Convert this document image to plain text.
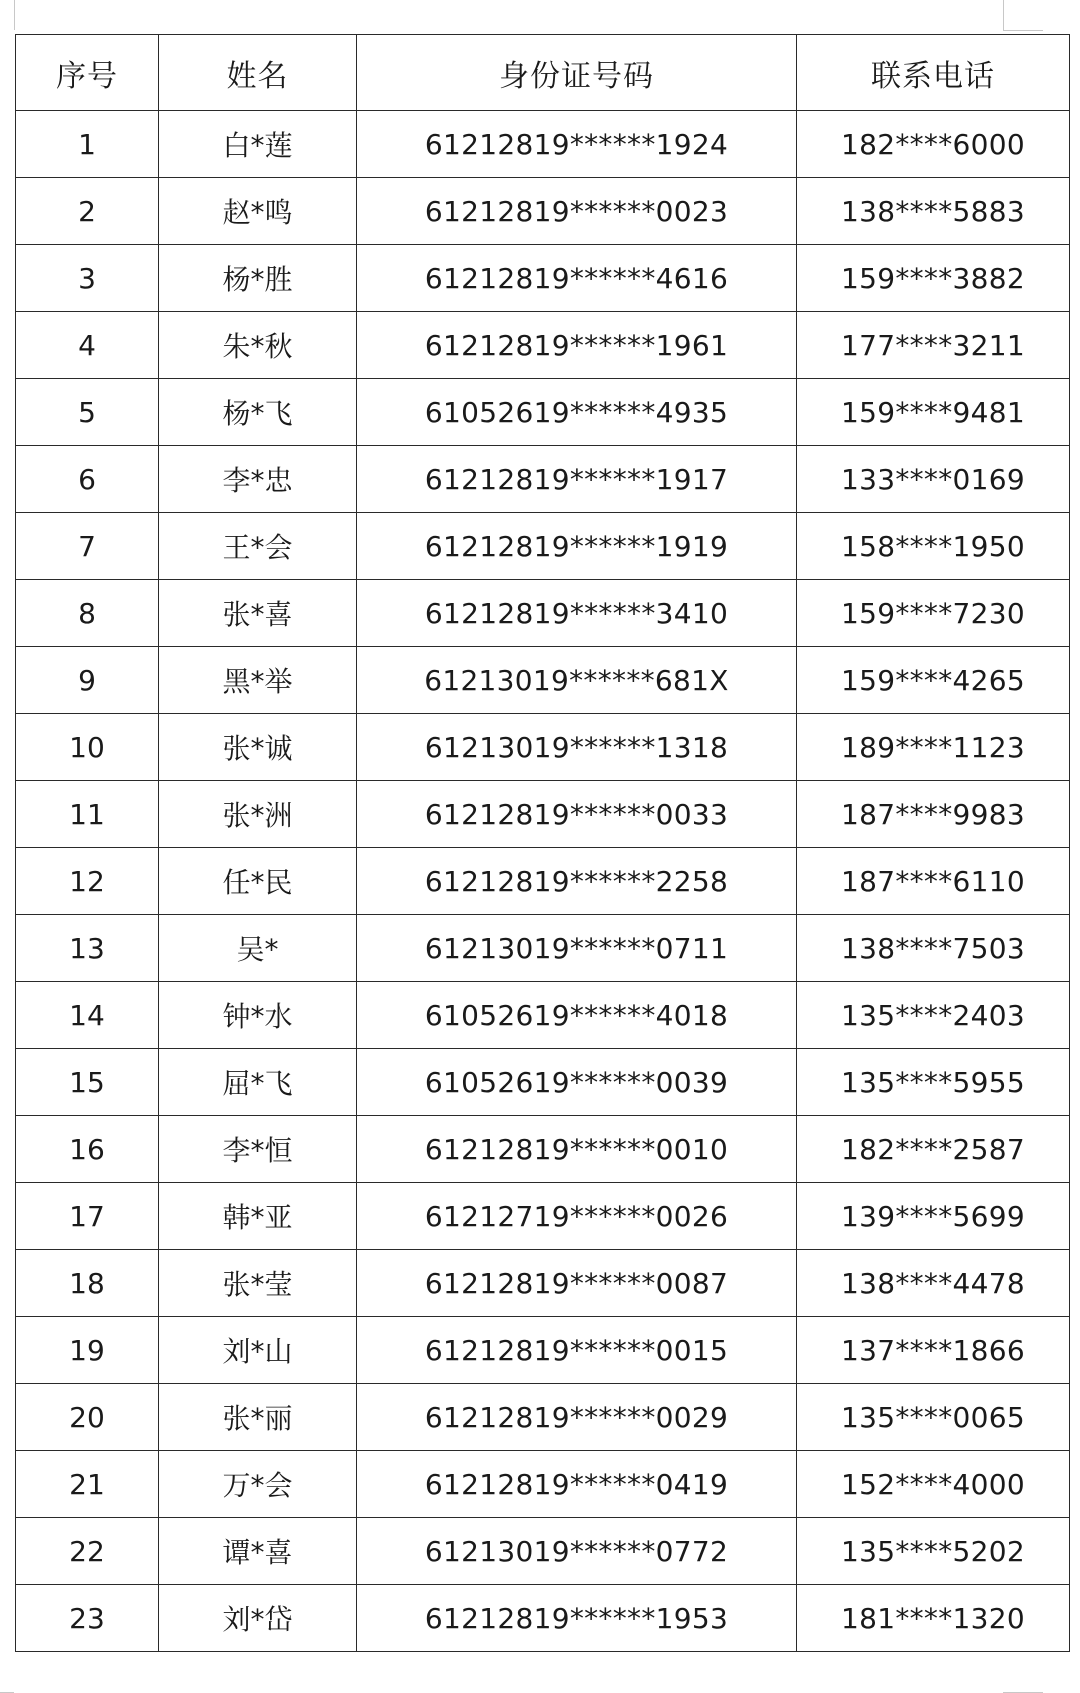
序号	姓名	身份证号码	联系电话
1	白*莲	61212819******1924	182****6000
2	赵*鸣	61212819******0023	138****5883
3	杨*胜	61212819******4616	159****3882
4	朱*秋	61212819******1961	177****3211
5	杨*飞	61052619******4935	159****9481
6	李*忠	61212819******1917	133****0169
7	王*会	61212819******1919	158****1950
8	张*喜	61212819******3410	159****7230
9	黑*举	61213019******681X	159****4265
10	张*诚	61213019******1318	189****1123
11	张*洲	61212819******0033	187****9983
12	任*民	61212819******2258	187****6110
13	吴*	61213019******0711	138****7503
14	钟*水	61052619******4018	135****2403
15	屈*飞	61052619******0039	135****5955
16	李*恒	61212819******0010	182****2587
17	韩*亚	61212719******0026	139****5699
18	张*莹	61212819******0087	138****4478
19	刘*山	61212819******0015	137****1866
20	张*丽	61212819******0029	135****0065
21	万*会	61212819******0419	152****4000
22	谭*喜	61213019******0772	135****5202
23	刘*岱	61212819******1953	181****1320
